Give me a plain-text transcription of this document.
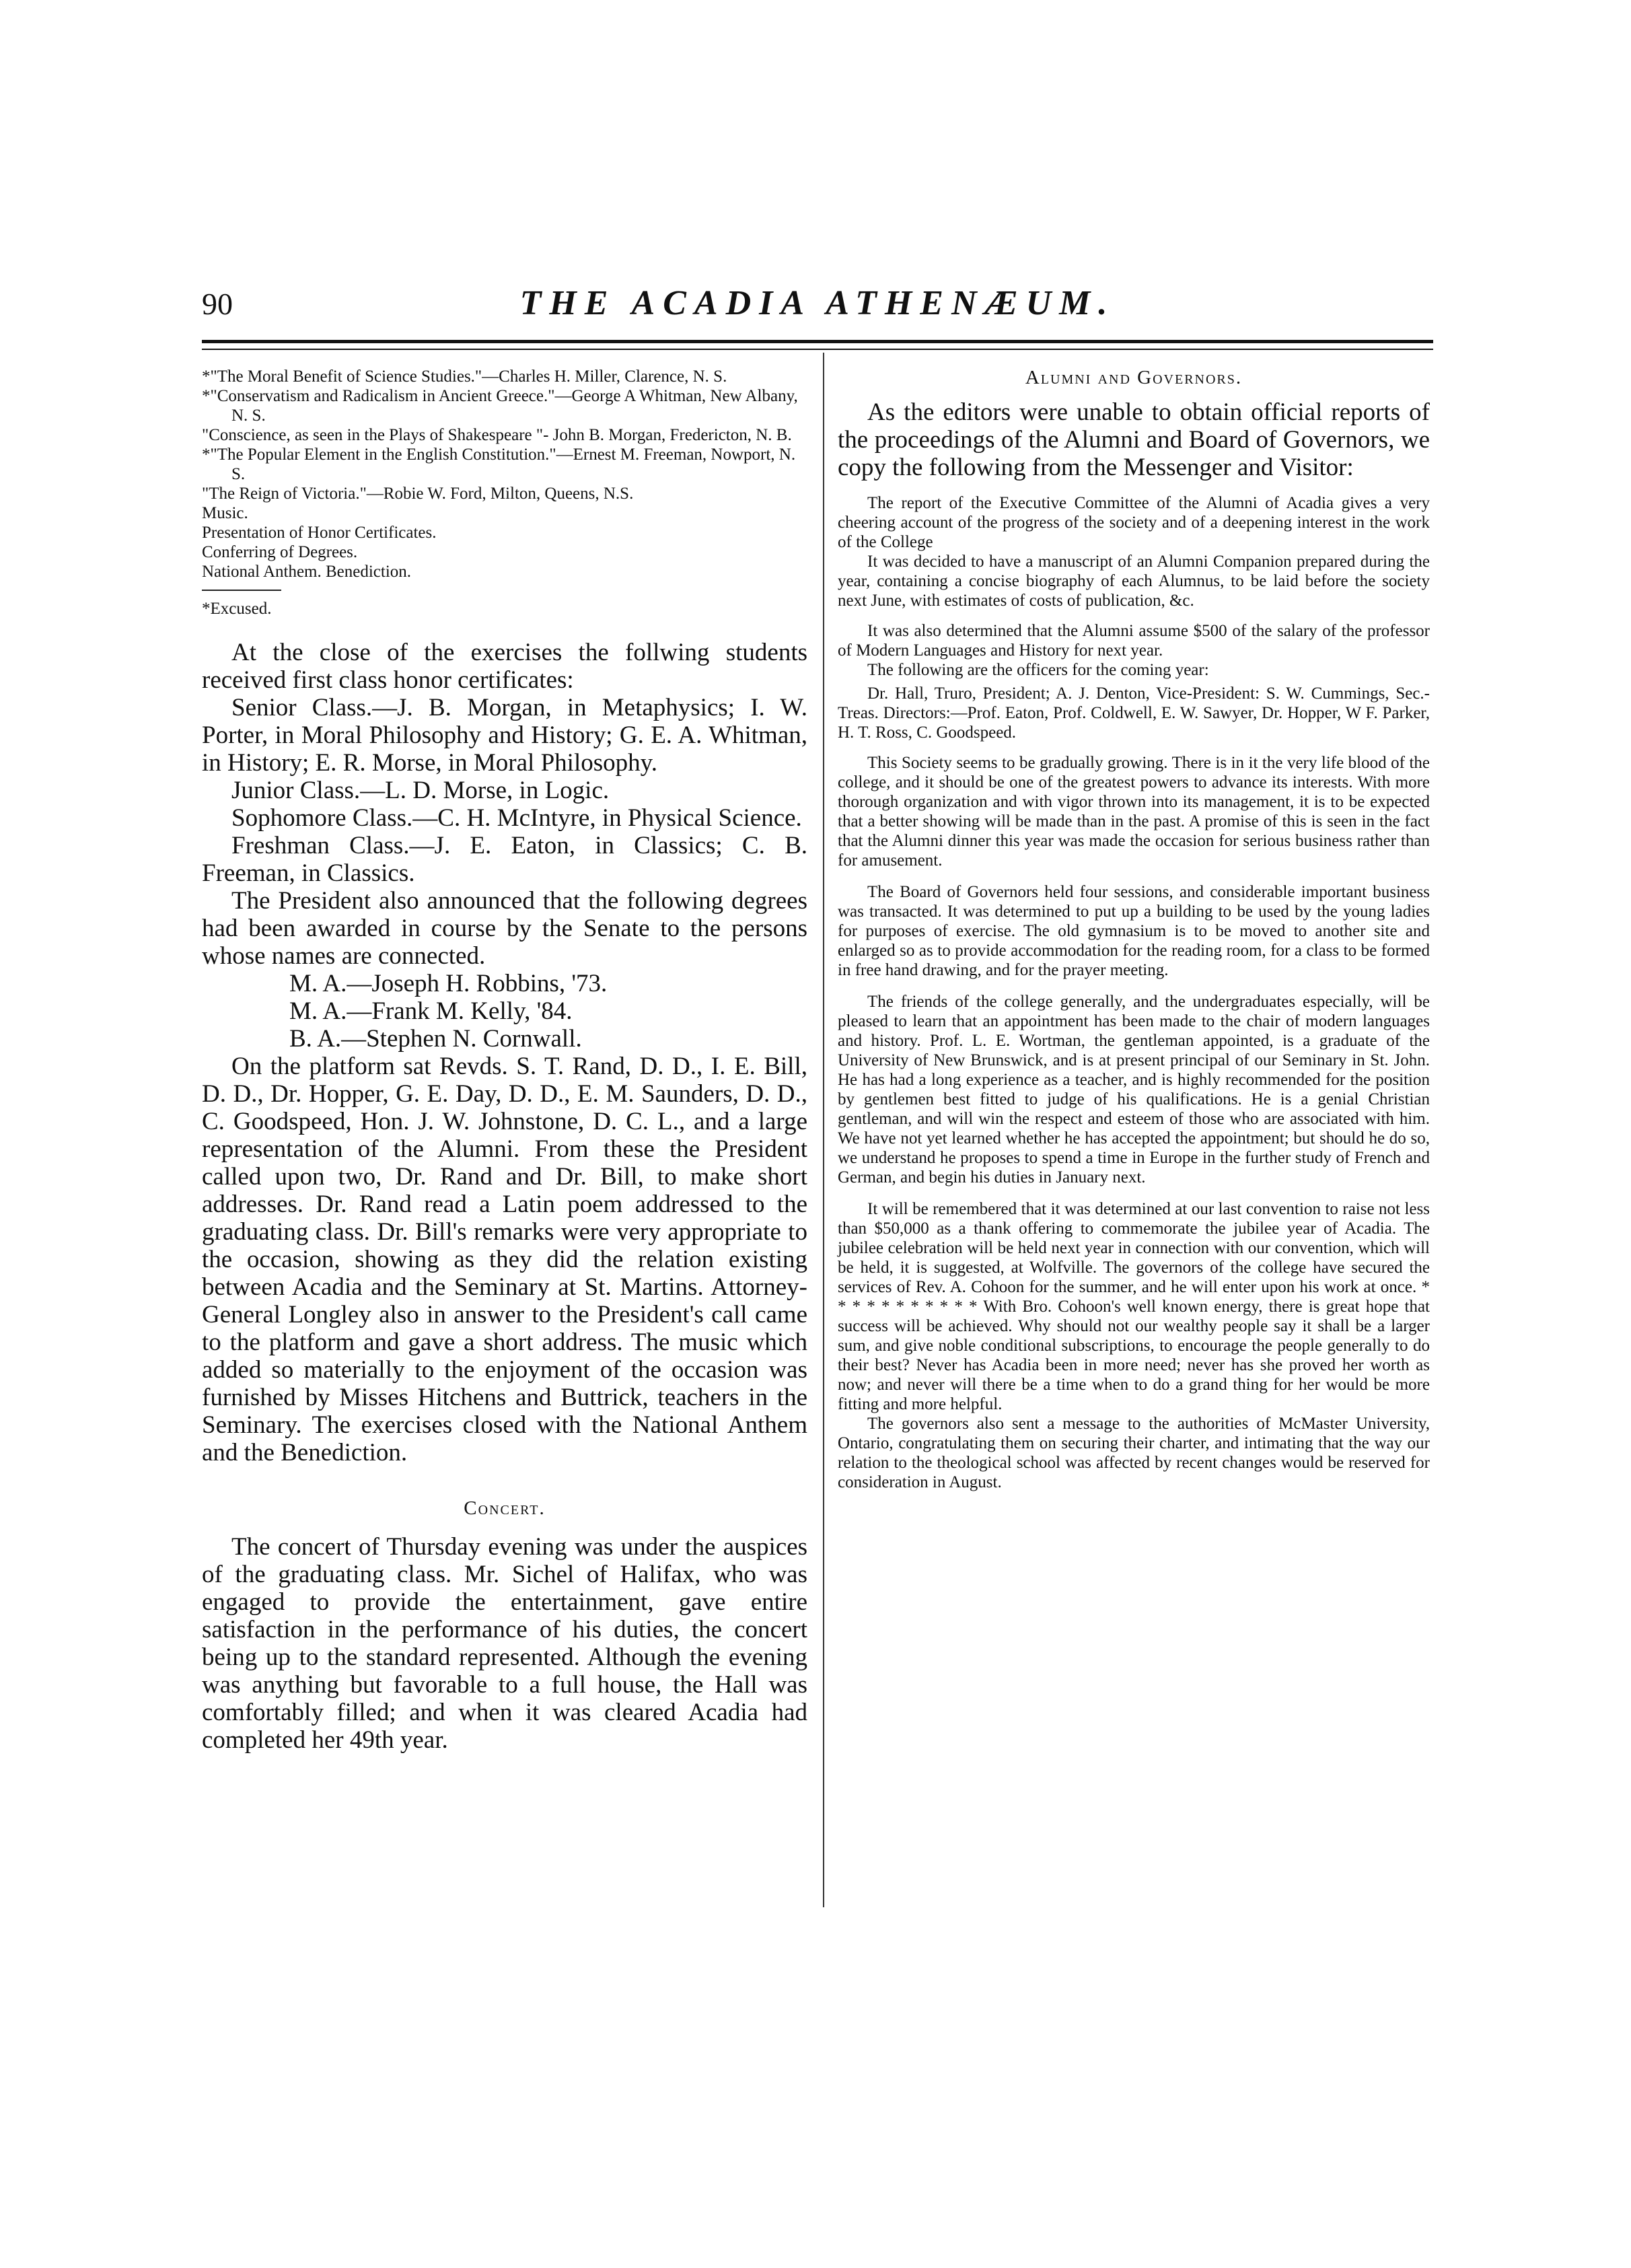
90	THE ACADIA ATHENÆUM.

*"The Moral Benefit of Science Studies."—Charles H. Miller, Clarence, N. S.

*"Conservatism and Radicalism in Ancient Greece."—George A Whitman, New Albany, N. S.

"Conscience, as seen in the Plays of Shakespeare "- John B. Morgan, Fredericton, N. B.

*"The Popular Element in the English Constitution."—Ernest M. Freeman, Nowport, N. S.

"The Reign of Victoria."—Robie W. Ford, Milton, Queens, N.S.

Music.

Presentation of Honor Certificates.

Conferring of Degrees.

National Anthem. Benediction.

*Excused.

At the close of the exercises the follwing students received first class honor certificates:

Senior Class.—J. B. Morgan, in Metaphysics; I. W. Porter, in Moral Philosophy and History; G. E. A. Whitman, in History; E. R. Morse, in Moral Philosophy.

Junior Class.—L. D. Morse, in Logic.

Sophomore Class.—C. H. McIntyre, in Physical Science.

Freshman Class.—J. E. Eaton, in Classics; C. B. Freeman, in Classics.

The President also announced that the following degrees had been awarded in course by the Senate to the persons whose names are connected.

M. A.—Joseph H. Robbins, '73.

M. A.—Frank M. Kelly, '84.

B. A.—Stephen N. Cornwall.

On the platform sat Revds. S. T. Rand, D. D., I. E. Bill, D. D., Dr. Hopper, G. E. Day, D. D., E. M. Saunders, D. D., C. Goodspeed, Hon. J. W. Johnstone, D. C. L., and a large representation of the Alumni. From these the President called upon two, Dr. Rand and Dr. Bill, to make short addresses. Dr. Rand read a Latin poem addressed to the graduating class. Dr. Bill's remarks were very appropriate to the occasion, showing as they did the relation existing between Acadia and the Seminary at St. Martins. Attorney-General Longley also in answer to the President's call came to the platform and gave a short address. The music which added so materially to the enjoyment of the occasion was furnished by Misses Hitchens and Buttrick, teachers in the Seminary. The exercises closed with the National Anthem and the Benediction.

Concert.

The concert of Thursday evening was under the auspices of the graduating class. Mr. Sichel of Halifax, who was engaged to provide the entertainment, gave entire satisfaction in the performance of his duties, the concert being up to the standard represented. Although the evening was anything but favorable to a full house, the Hall was comfortably filled; and when it was cleared Acadia had completed her 49th year.

Alumni and Governors.

As the editors were unable to obtain official reports of the proceedings of the Alumni and Board of Governors, we copy the following from the Messenger and Visitor:

The report of the Executive Committee of the Alumni of Acadia gives a very cheering account of the progress of the society and of a deepening interest in the work of the College

It was decided to have a manuscript of an Alumni Companion prepared during the year, containing a concise biography of each Alumnus, to be laid before the society next June, with estimates of costs of publication, &c.

It was also determined that the Alumni assume $500 of the salary of the professor of Modern Languages and History for next year.

The following are the officers for the coming year:

Dr. Hall, Truro, President; A. J. Denton, Vice-President: S. W. Cummings, Sec.-Treas. Directors:—Prof. Eaton, Prof. Coldwell, E. W. Sawyer, Dr. Hopper, W F. Parker, H. T. Ross, C. Goodspeed.

This Society seems to be gradually growing. There is in it the very life blood of the college, and it should be one of the greatest powers to advance its interests. With more thorough organization and with vigor thrown into its management, it is to be expected that a better showing will be made than in the past. A promise of this is seen in the fact that the Alumni dinner this year was made the occasion for serious business rather than for amusement.

The Board of Governors held four sessions, and considerable important business was transacted. It was determined to put up a building to be used by the young ladies for purposes of exercise. The old gymnasium is to be moved to another site and enlarged so as to provide accommodation for the reading room, for a class to be formed in free hand drawing, and for the prayer meeting.

The friends of the college generally, and the undergraduates especially, will be pleased to learn that an appointment has been made to the chair of modern languages and history. Prof. L. E. Wortman, the gentleman appointed, is a graduate of the University of New Brunswick, and is at present principal of our Seminary in St. John. He has had a long experience as a teacher, and is highly recommended for the position by gentlemen best fitted to judge of his qualifications. He is a genial Christian gentleman, and will win the respect and esteem of those who are associated with him. We have not yet learned whether he has accepted the appointment; but should he do so, we understand he proposes to spend a time in Europe in the further study of French and German, and begin his duties in January next.

It will be remembered that it was determined at our last convention to raise not less than $50,000 as a thank offering to commemorate the jubilee year of Acadia. The jubilee celebration will be held next year in connection with our convention, which will be held, it is suggested, at Wolfville. The governors of the college have secured the services of Rev. A. Cohoon for the summer, and he will enter upon his work at once. * * * * * * * * * * * With Bro. Cohoon's well known energy, there is great hope that success will be achieved. Why should not our wealthy people say it shall be a larger sum, and give noble conditional subscriptions, to encourage the people generally to do their best? Never has Acadia been in more need; never has she proved her worth as now; and never will there be a time when to do a grand thing for her would be more fitting and more helpful.

The governors also sent a message to the authorities of McMaster University, Ontario, congratulating them on securing their charter, and intimating that the way our relation to the theological school was affected by recent changes would be reserved for consideration in August.
